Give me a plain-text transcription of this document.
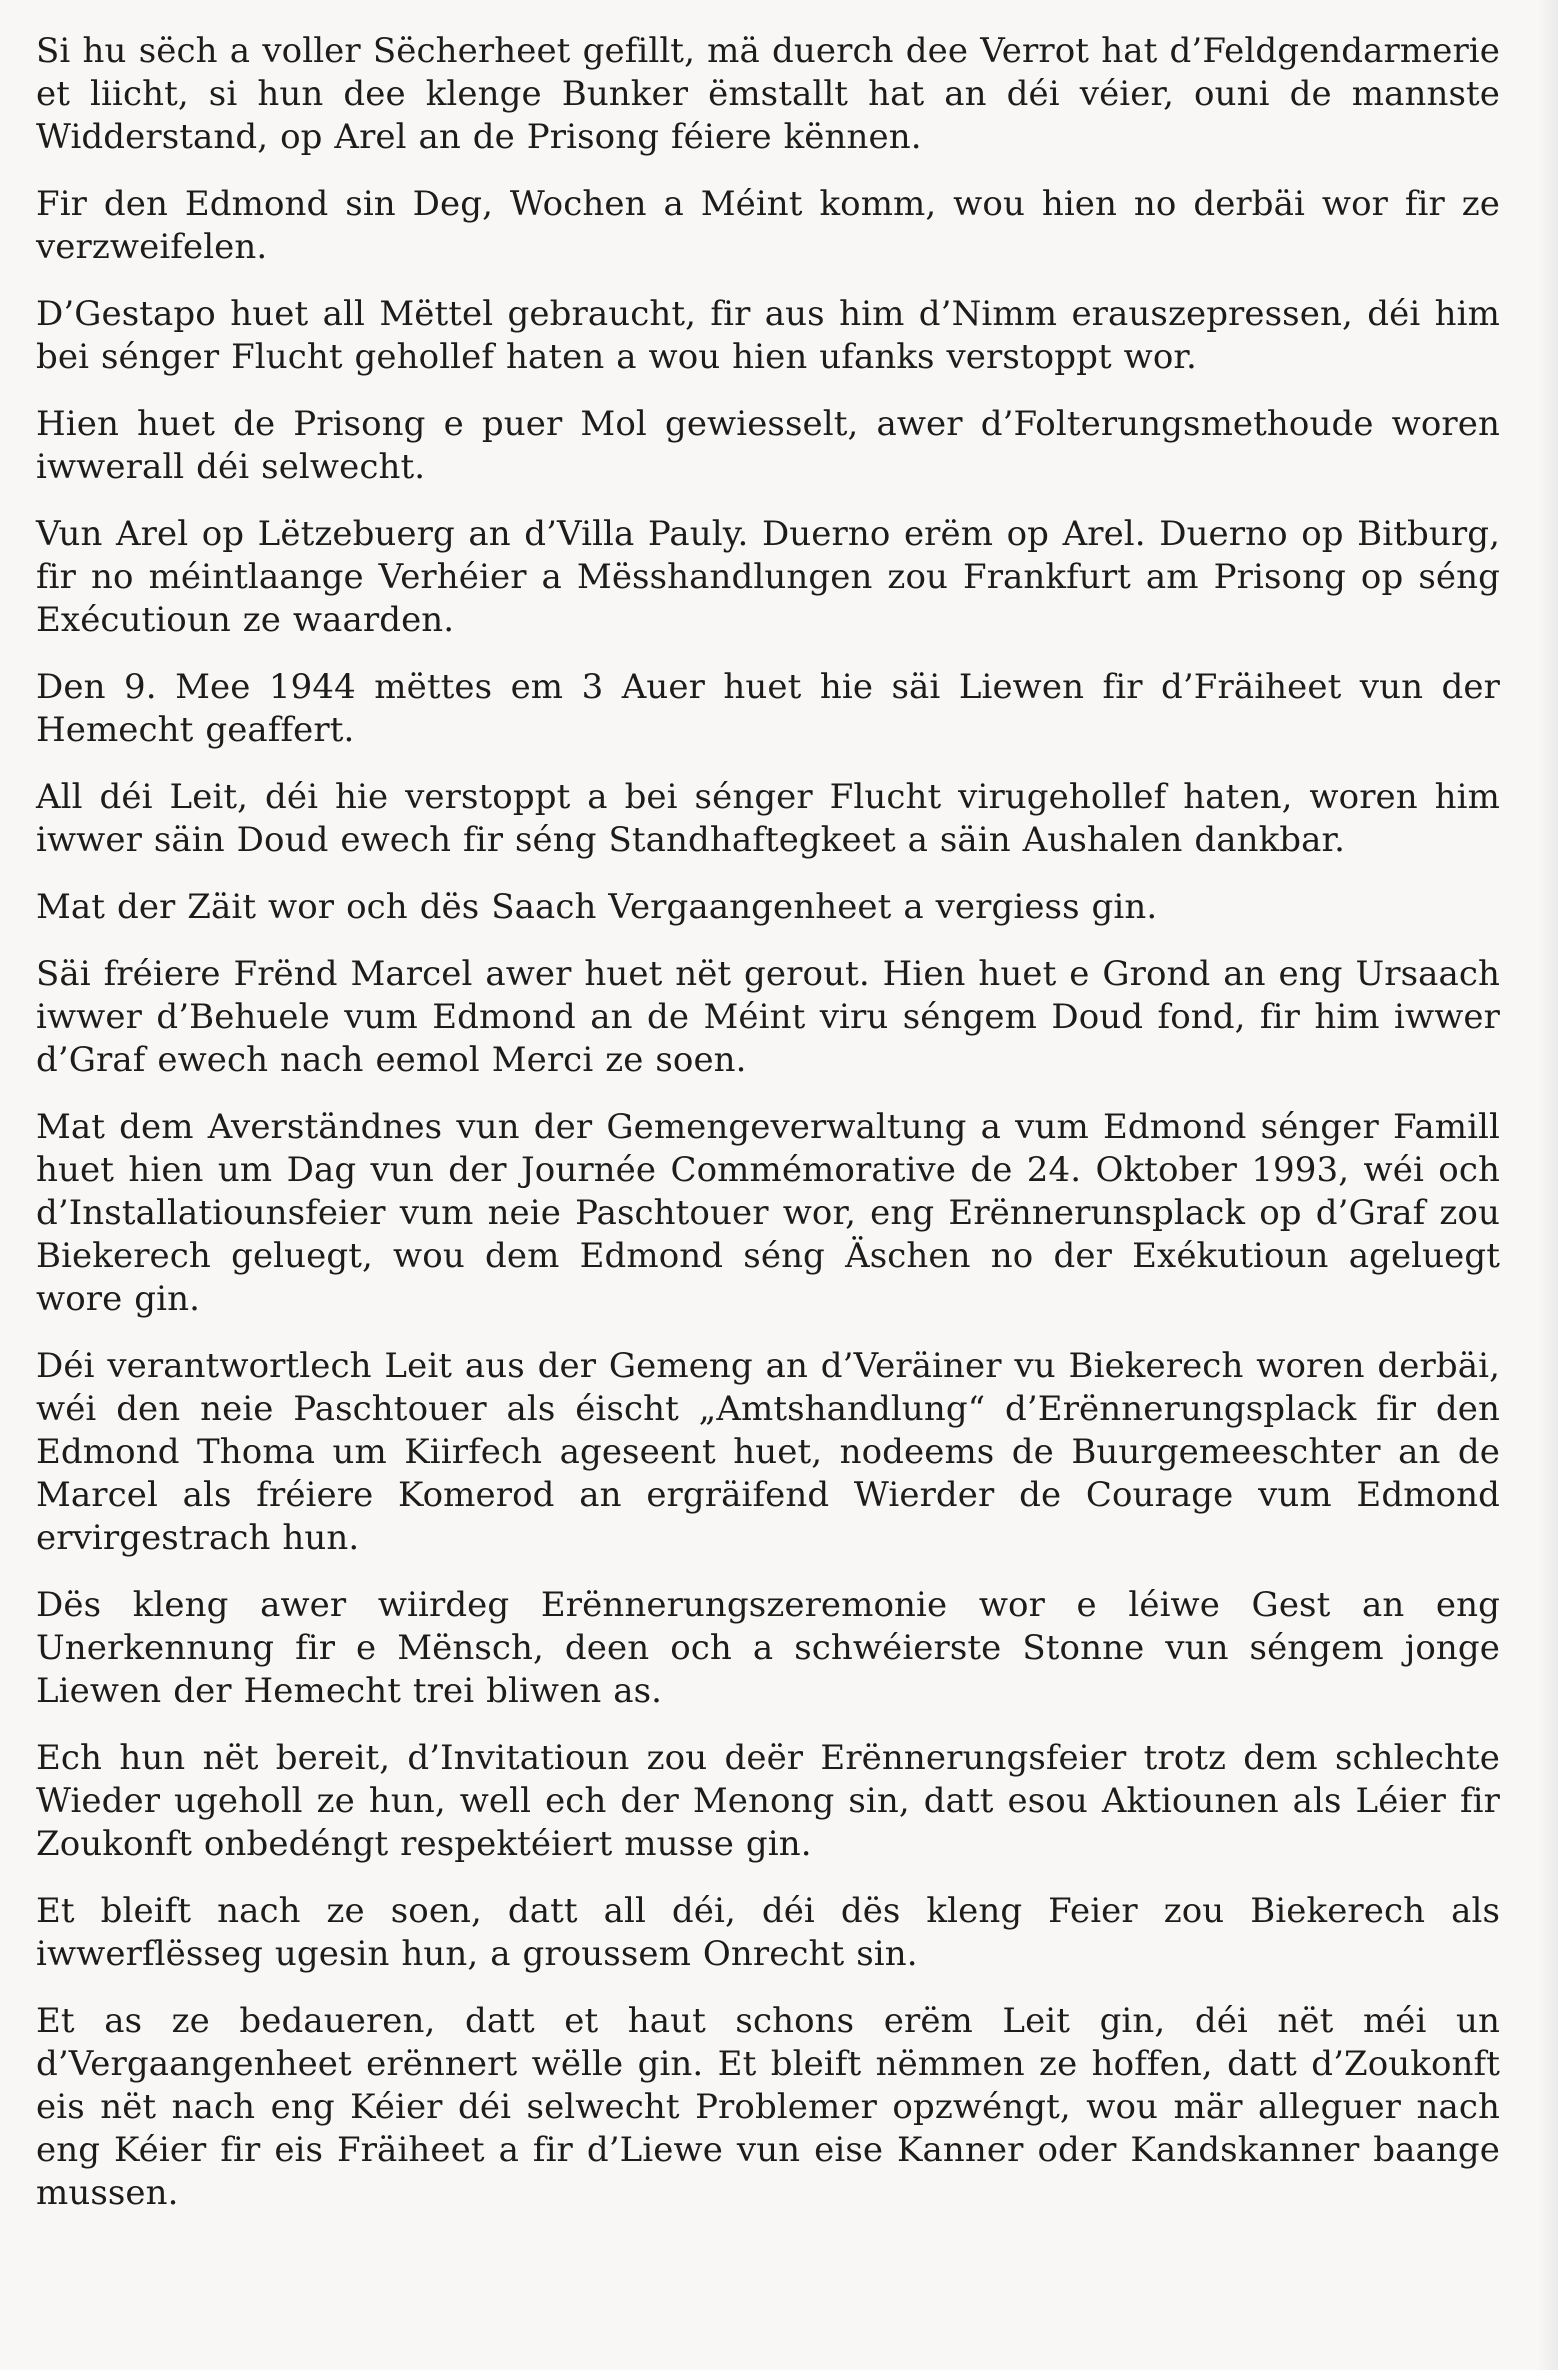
Si hu sëch a voller Sëcherheet gefillt, mä duerch dee Verrot hat d’Feldgendarmerie et liicht, si hun dee klenge Bunker ëmstallt hat an déi véier, ouni de mannste Widderstand, op Arel an de Prisong féiere kënnen.

Fir den Edmond sin Deg, Wochen a Méint komm, wou hien no derbäi wor fir ze verzweifelen.

D’Gestapo huet all Mëttel gebraucht, fir aus him d’Nimm erauszepressen, déi him bei sénger Flucht gehollef haten a wou hien ufanks verstoppt wor.

Hien huet de Prisong e puer Mol gewiesselt, awer d’Folterungsmethoude woren iwwerall déi selwecht.

Vun Arel op Lëtzebuerg an d’Villa Pauly. Duerno erëm op Arel. Duerno op Bitburg, fir no méintlaange Verhéier a Mësshandlungen zou Frankfurt am Prisong op séng Exécutioun ze waarden.

Den 9. Mee 1944 mëttes em 3 Auer huet hie säi Liewen fir d’Fräiheet vun der Hemecht geaffert.

All déi Leit, déi hie verstoppt a bei sénger Flucht virugehollef haten, woren him iwwer säin Doud ewech fir séng Standhaftegkeet a säin Aushalen dankbar.

Mat der Zäit wor och dës Saach Vergaangenheet a vergiess gin.

Säi fréiere Frënd Marcel awer huet nët gerout. Hien huet e Grond an eng Ursaach iwwer d’Behuele vum Edmond an de Méint viru séngem Doud fond, fir him iwwer d’Graf ewech nach eemol Merci ze soen.

Mat dem Averständnes vun der Gemengeverwaltung a vum Edmond sénger Famill huet hien um Dag vun der Journée Commémorative de 24. Oktober 1993, wéi och d’Installatiounsfeier vum neie Paschtouer wor, eng Erënnerunsplack op d’Graf zou Biekerech geluegt, wou dem Edmond séng Äschen no der Exékutioun ageluegt wore gin.

Déi verantwortlech Leit aus der Gemeng an d’Veräiner vu Biekerech woren derbäi, wéi den neie Paschtouer als éischt „Amtshandlung“ d’Erënnerungsplack fir den Edmond Thoma um Kiirfech ageseent huet, nodeems de Buurgemeeschter an de Marcel als fréiere Komerod an ergräifend Wierder de Courage vum Edmond ervirgestrach hun.

Dës kleng awer wiirdeg Erënnerungszeremonie wor e léiwe Gest an eng Unerkennung fir e Mënsch, deen och a schwéierste Stonne vun séngem jonge Liewen der Hemecht trei bliwen as.

Ech hun nët bereit, d’Invitatioun zou deër Erënnerungsfeier trotz dem schlechte Wieder ugeholl ze hun, well ech der Menong sin, datt esou Aktiounen als Léier fir Zoukonft onbedéngt respektéiert musse gin.

Et bleift nach ze soen, datt all déi, déi dës kleng Feier zou Biekerech als iwwerflësseg ugesin hun, a groussem Onrecht sin.

Et as ze bedaueren, datt et haut schons erëm Leit gin, déi nët méi un d’Vergaangenheet erënnert wëlle gin. Et bleift nëmmen ze hoffen, datt d’Zoukonft eis nët nach eng Kéier déi selwecht Problemer opzwéngt, wou mär alleguer nach eng Kéier fir eis Fräiheet a fir d’Liewe vun eise Kanner oder Kandskanner baange mussen.
